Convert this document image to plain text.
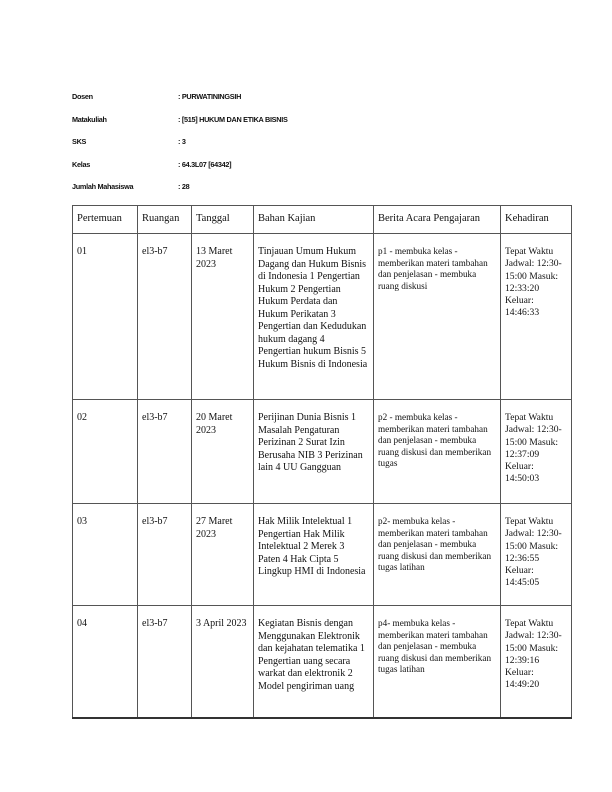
Dosen	: PURWATININGSIH
Matakuliah	: [515] HUKUM DAN ETIKA BISNIS
SKS	: 3
Kelas	: 64.3L07 [64342]
Jumlah Mahasiswa	: 28
Pertemuan	Ruangan	Tanggal	Bahan Kajian	Berita Acara Pengajaran	Kehadiran
01	el3-b7	13 Maret 2023	Tinjauan Umum Hukum Dagang dan Hukum Bisnis di Indonesia 1 Pengertian Hukum 2 Pengertian Hukum Perdata dan Hukum Perikatan 3 Pengertian dan Kedudukan hukum dagang 4 Pengertian hukum Bisnis 5 Hukum Bisnis di Indonesia	p1 - membuka kelas - memberikan materi tambahan dan penjelasan - membuka ruang diskusi	Tepat Waktu Jadwal: 12:30-15:00 Masuk: 12:33:20 Keluar: 14:46:33
02	el3-b7	20 Maret 2023	Perijinan Dunia Bisnis 1 Masalah Pengaturan Perizinan 2 Surat Izin Berusaha NIB 3 Perizinan lain 4 UU Gangguan	p2 - membuka kelas - memberikan materi tambahan dan penjelasan - membuka ruang diskusi dan memberikan tugas	Tepat Waktu Jadwal: 12:30-15:00 Masuk: 12:37:09 Keluar: 14:50:03
03	el3-b7	27 Maret 2023	Hak Milik Intelektual 1 Pengertian Hak Milik Intelektual 2 Merek 3 Paten 4 Hak Cipta 5 Lingkup HMI di Indonesia	p2- membuka kelas - memberikan materi tambahan dan penjelasan - membuka ruang diskusi dan memberikan tugas latihan	Tepat Waktu Jadwal: 12:30-15:00 Masuk: 12:36:55 Keluar: 14:45:05
04	el3-b7	3 April 2023	Kegiatan Bisnis dengan Menggunakan Elektronik dan kejahatan telematika 1 Pengertian uang secara warkat dan elektronik 2 Model pengiriman uang	p4- membuka kelas - memberikan materi tambahan dan penjelasan - membuka ruang diskusi dan memberikan tugas latihan	Tepat Waktu Jadwal: 12:30-15:00 Masuk: 12:39:16 Keluar: 14:49:20
